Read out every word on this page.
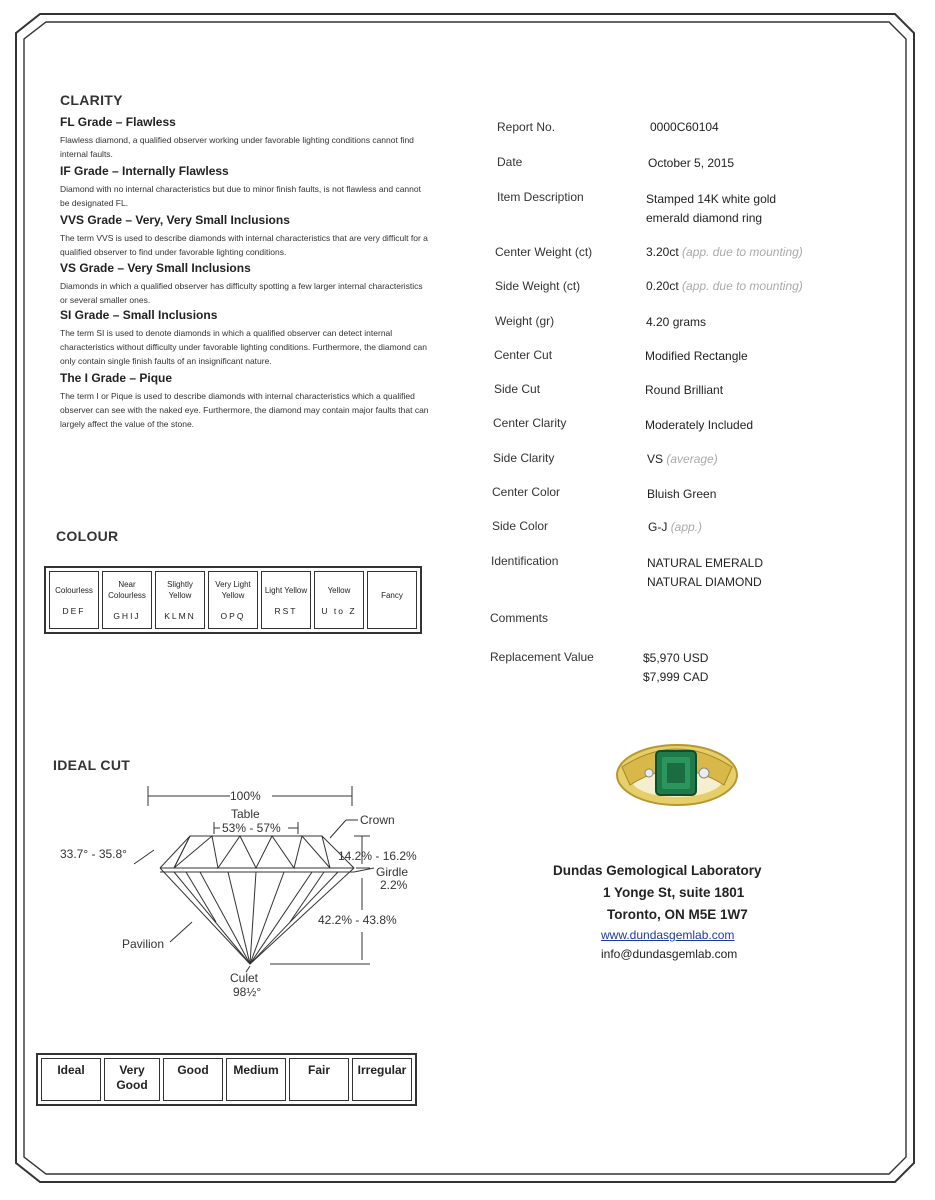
CLARITY
FL Grade – Flawless
Flawless diamond, a qualified observer working under favorable lighting conditions cannot find internal faults.
IF Grade – Internally Flawless
Diamond with no internal characteristics but due to minor finish faults, is not flawless and cannot be designated FL.
VVS Grade – Very, Very Small Inclusions
The term VVS is used to describe diamonds with internal characteristics that are very difficult for a qualified observer to find under favorable lighting conditions.
VS Grade – Very Small Inclusions
Diamonds in which a qualified observer has difficulty spotting a few larger internal characteristics or several smaller ones.
SI Grade – Small Inclusions
The term SI is used to denote diamonds in which a qualified observer can detect internal characteristics without difficulty under favorable lighting conditions. Furthermore, the diamond can only contain single finish faults of an insignificant nature.
The I Grade – Pique
The term I or Pique is used to describe diamonds with internal characteristics which a qualified observer can see with the naked eye. Furthermore, the diamond may contain major faults that can largely affect the value of the stone.
Report No.	0000C60104
Date	October 5, 2015
Item Description	Stamped 14K white gold
emerald diamond ring
Center Weight (ct)	3.20ct (app. due to mounting)
Side Weight (ct)	0.20ct (app. due to mounting)
Weight (gr)	4.20 grams
Center Cut	Modified Rectangle
Side Cut	Round Brilliant
Center Clarity	Moderately Included
Side Clarity	VS (average)
Center Color	Bluish Green
Side Color	G-J (app.)
Identification	NATURAL EMERALD
NATURAL DIAMOND
Comments
Replacement Value	$5,970 USD
$7,999 CAD
COLOUR
Colourless
DEF

Near Colourless
GHIJ

Slightly Yellow
KLMN

Very Light Yellow
OPQ

Light Yellow
RST

Yellow
U to Z

Fancy
IDEAL CUT
100%
Table
53% - 57%
Crown
33.7° - 35.8°	14.2% - 16.2%
Girdle
2.2%
42.2% - 43.8%
Pavilion
Culet
98½°
Ideal	Very Good	Good	Medium	Fair	Irregular
Dundas Gemological Laboratory
1 Yonge St, suite 1801
Toronto, ON M5E 1W7
www.dundasgemlab.com
info@dundasgemlab.com
